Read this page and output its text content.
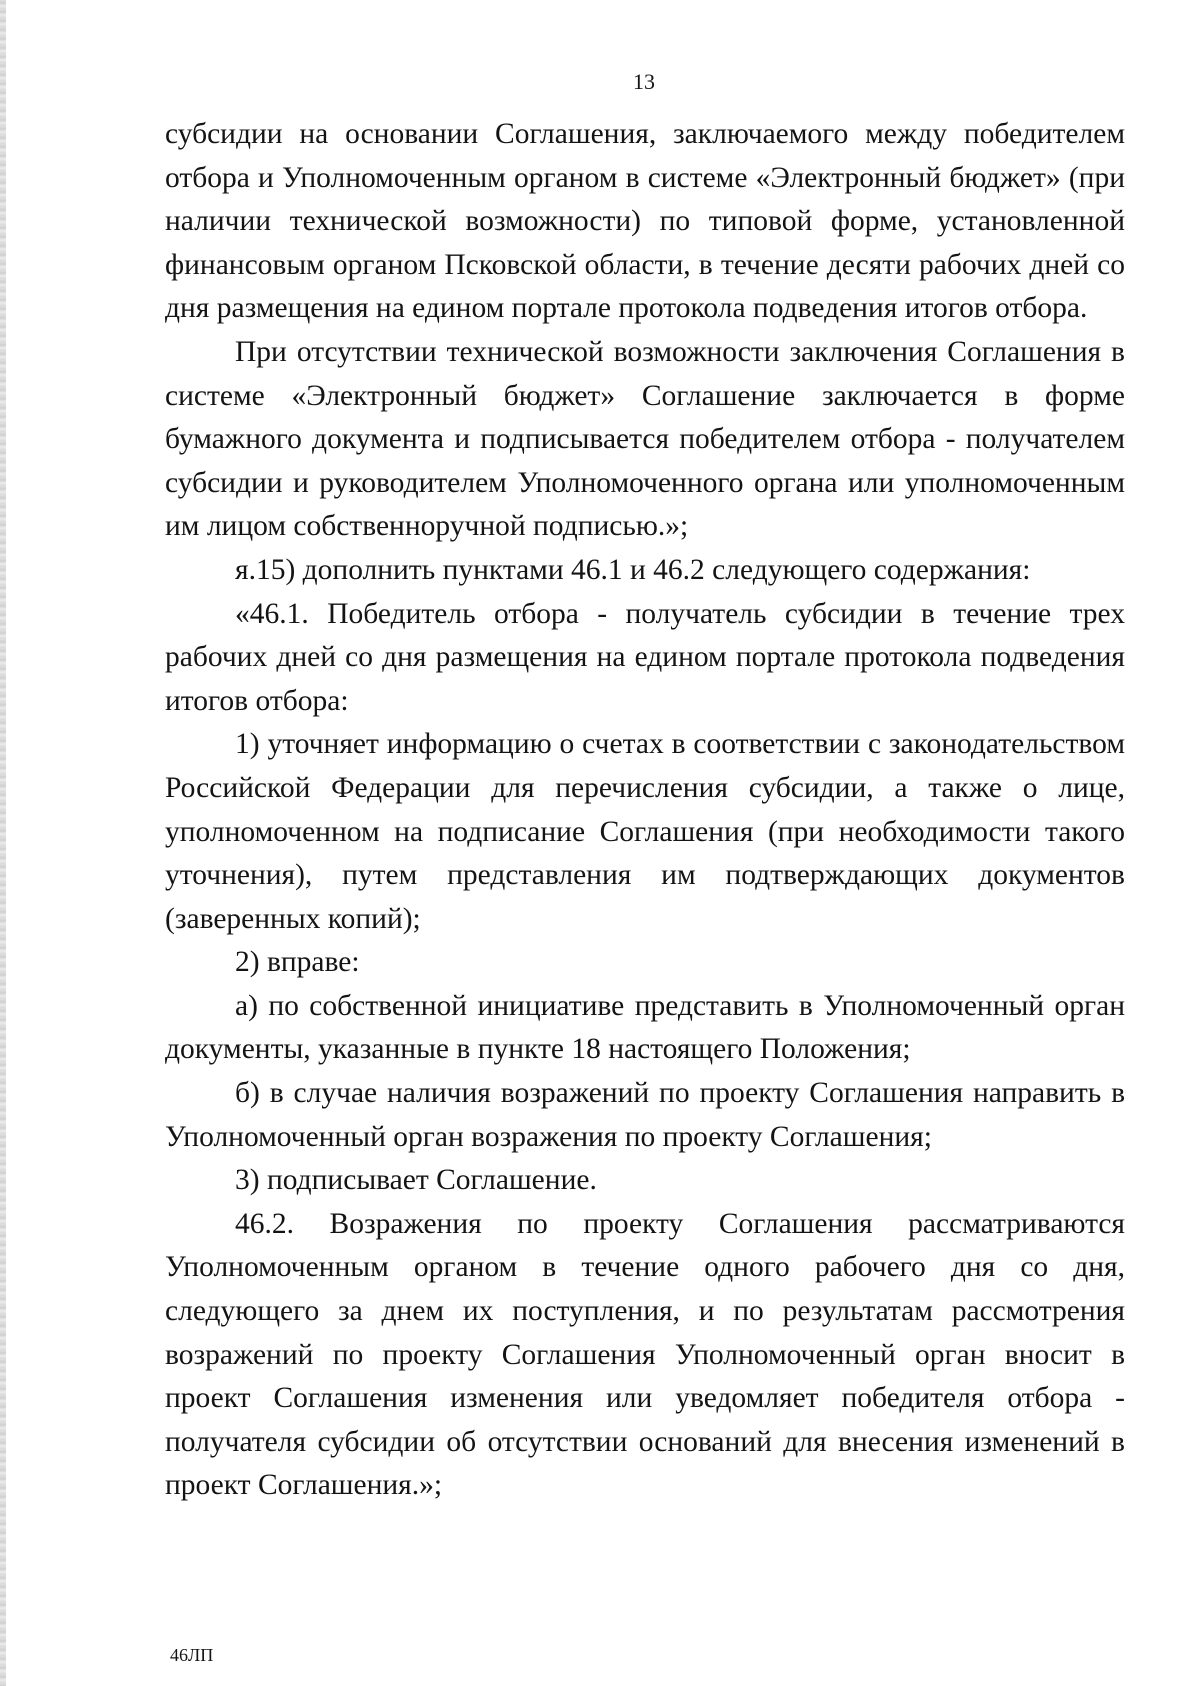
13

субсидии на основании Соглашения, заключаемого между победителем отбора и Уполномоченным органом в системе «Электронный бюджет» (при наличии технической возможности) по типовой форме, установленной финансовым органом Псковской области, в течение десяти рабочих дней со дня размещения на едином портале протокола подведения итогов отбора.

При отсутствии технической возможности заключения Соглашения в системе «Электронный бюджет» Соглашение заключается в форме бумажного документа и подписывается победителем отбора - получателем субсидии и руководителем Уполномоченного органа или уполномоченным им лицом собственноручной подписью.»;

я.15) дополнить пунктами 46.1 и 46.2 следующего содержания:

«46.1. Победитель отбора - получатель субсидии в течение трех рабочих дней со дня размещения на едином портале протокола подведения итогов отбора:

1) уточняет информацию о счетах в соответствии с законодательством Российской Федерации для перечисления субсидии, а также о лице, уполномоченном на подписание Соглашения (при необходимости такого уточнения), путем представления им подтверждающих документов (заверенных копий);

2) вправе:

а) по собственной инициативе представить в Уполномоченный орган документы, указанные в пункте 18 настоящего Положения;

б) в случае наличия возражений по проекту Соглашения направить в Уполномоченный орган возражения по проекту Соглашения;

3) подписывает Соглашение.

46.2. Возражения по проекту Соглашения рассматриваются Уполномоченным органом в течение одного рабочего дня со дня, следующего за днем их поступления, и по результатам рассмотрения возражений по проекту Соглашения Уполномоченный орган вносит в проект Соглашения изменения или уведомляет победителя отбора - получателя субсидии об отсутствии оснований для внесения изменений в проект Соглашения.»;

46ЛП
